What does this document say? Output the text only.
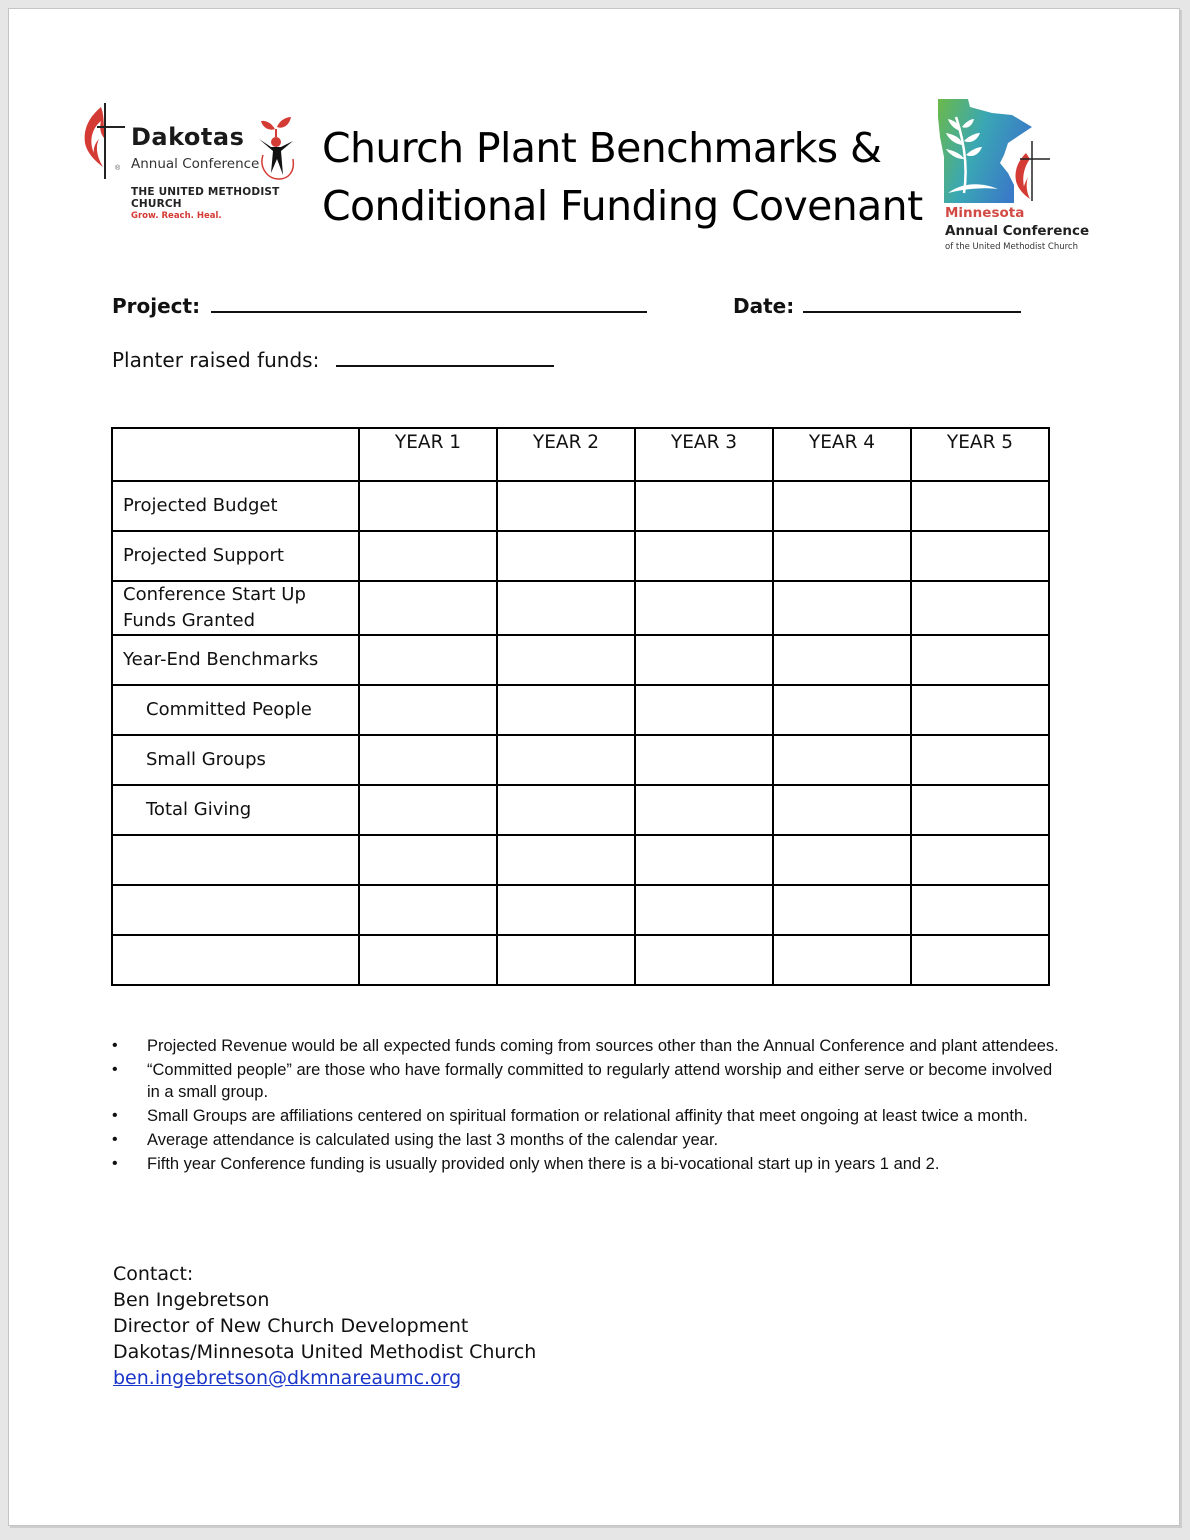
®
Dakotas
Annual Conference
THE UNITED METHODIST CHURCH
Grow. Reach. Heal.
Church Plant Benchmarks &
Conditional Funding Covenant Minnesota
Annual Conference
of the United Methodist Church
Project:	Date:
Planter raised funds:
	YEAR 1	YEAR 2	YEAR 3	YEAR 4	YEAR 5
Projected Budget					
Projected Support					

Conference Start Up
Funds Granted					

Year-End Benchmarks					
Committed People					
Small Groups					
Total Giving					

• Projected Revenue would be all expected funds coming from sources other than the Annual Conference and plant attendees.
• “Committed people” are those who have formally committed to regularly attend worship and either serve or become involved in a small group.
• Small Groups are affiliations centered on spiritual formation or relational affinity that meet ongoing at least twice a month.
• Average attendance is calculated using the last 3 months of the calendar year.
• Fifth year Conference funding is usually provided only when there is a bi-vocational start up in years 1 and 2.
Contact:
Ben Ingebretson
Director of New Church Development
Dakotas/Minnesota United Methodist Church
ben.ingebretson@dkmnareaumc.org
